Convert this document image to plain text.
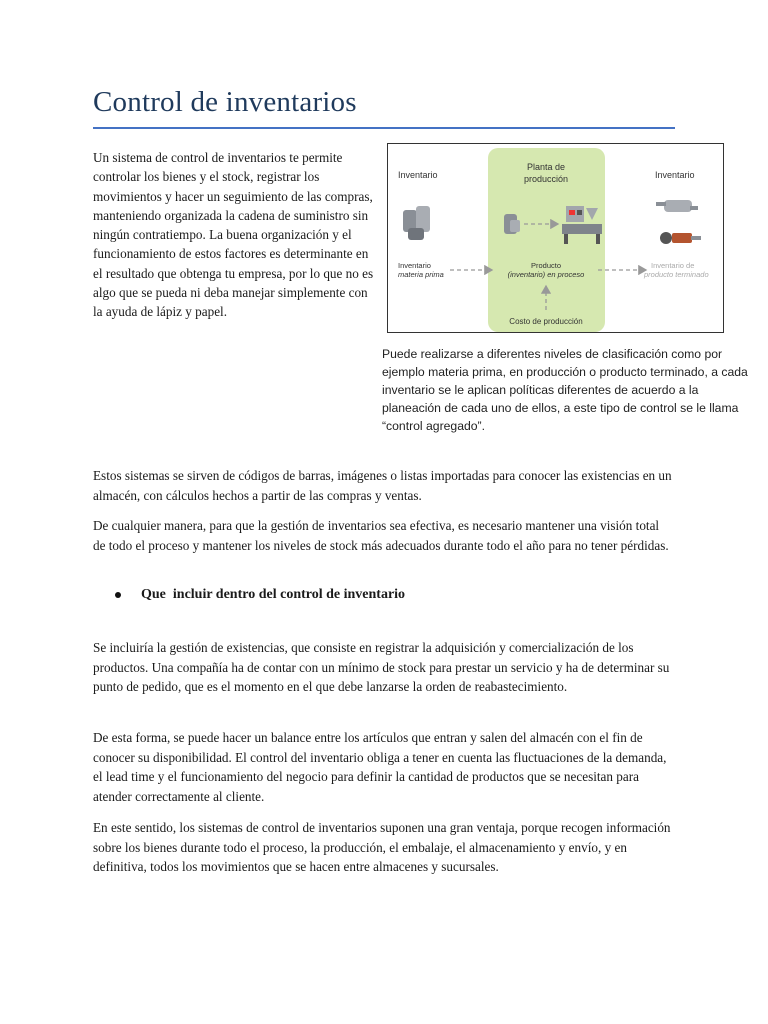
Control de inventarios

Un sistema de control de inventarios te permite controlar los bienes y el stock, registrar los movimientos y hacer un seguimiento de las compras, manteniendo organizada la cadena de suministro sin ningún contratiempo. La buena organización y el funcionamiento de estos factores es determinante en el resultado que obtenga tu empresa, por lo que no es algo que se pueda ni deba manejar simplemente con la ayuda de lápiz y papel.

Inventario
Planta de
producción	Inventario
Inventario
materia prima
Producto
(inventario) en proceso
Inventario de
producto terminado
Costo de producción

Puede realizarse a diferentes niveles de clasificación como por ejemplo materia prima, en producción o producto terminado, a cada inventario se le aplican políticas diferentes de acuerdo a la planeación de cada uno de ellos, a este tipo de control se le llama “control agregado”.

Estos sistemas se sirven de códigos de barras, imágenes o listas importadas para conocer las existencias en un almacén, con cálculos hechos a partir de las compras y ventas.

De cualquier manera, para que la gestión de inventarios sea efectiva, es necesario mantener una visión total de todo el proceso y mantener los niveles de stock más adecuados durante todo el año para no tener pérdidas.

Que  incluir dentro del control de inventario

Se incluiría la gestión de existencias, que consiste en registrar la adquisición y comercialización de los productos. Una compañía ha de contar con un mínimo de stock para prestar un servicio y ha de determinar su punto de pedido, que es el momento en el que debe lanzarse la orden de reabastecimiento.

De esta forma, se puede hacer un balance entre los artículos que entran y salen del almacén con el fin de conocer su disponibilidad. El control del inventario obliga a tener en cuenta las fluctuaciones de la demanda, el lead time y el funcionamiento del negocio para definir la cantidad de productos que se necesitan para atender correctamente al cliente.

En este sentido, los sistemas de control de inventarios suponen una gran ventaja, porque recogen información sobre los bienes durante todo el proceso, la producción, el embalaje, el almacenamiento y envío, y en definitiva, todos los movimientos que se hacen entre almacenes y sucursales.
